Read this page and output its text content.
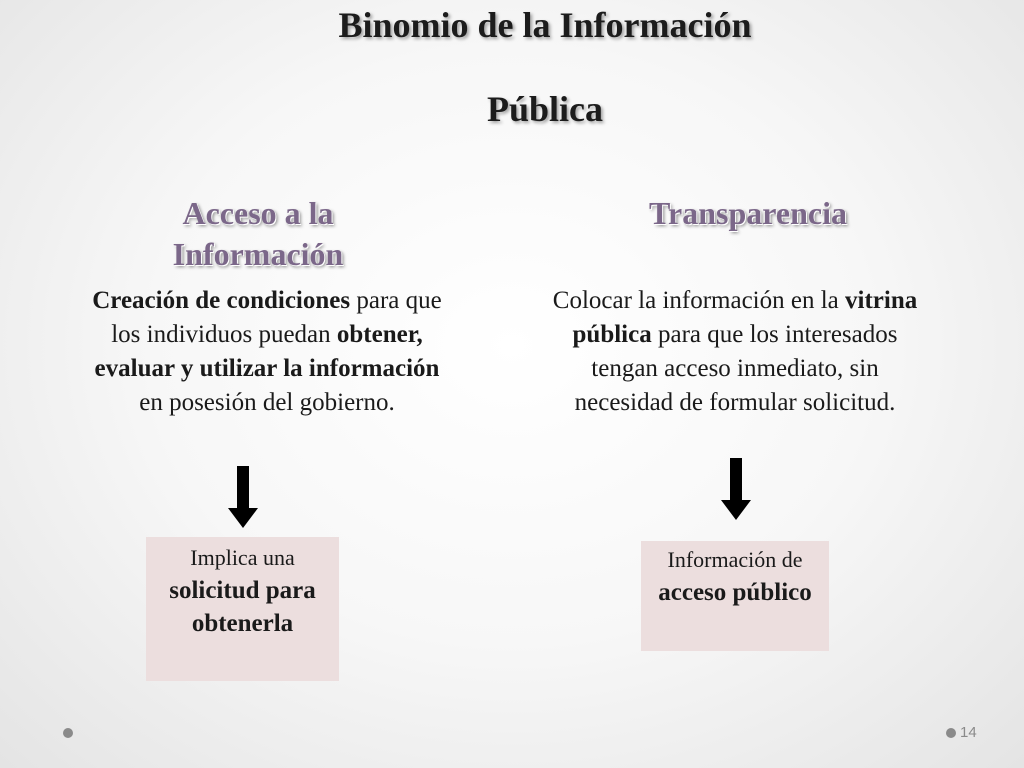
Binomio de la Información
Pública
Acceso a la Información
Transparencia
Creación de condiciones para que los individuos puedan obtener, evaluar y utilizar la información en posesión del gobierno.
Colocar la información en la vitrina pública para que los interesados tengan acceso inmediato, sin necesidad de formular solicitud.
Implica una solicitud para obtenerla
Información de acceso público
14
